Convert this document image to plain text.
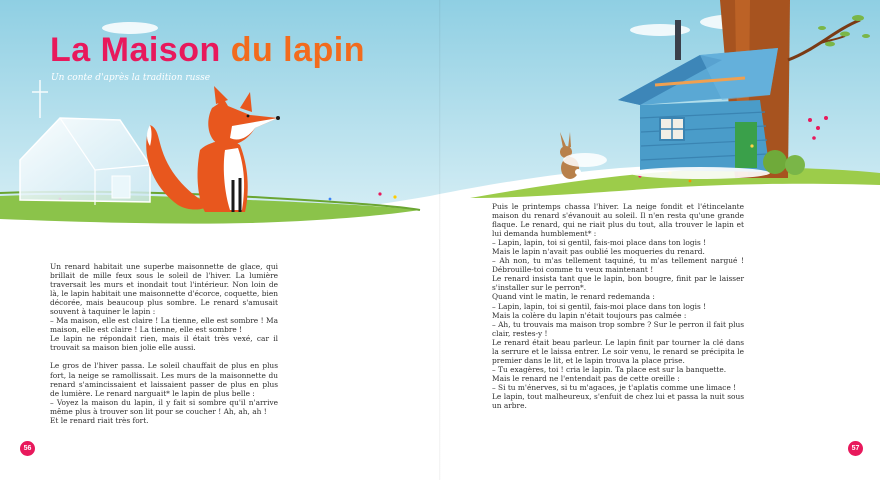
La Maison du lapin

Un conte d'après la tradition russe

Un renard habitait une superbe maisonnette de glace, qui brillait de mille feux sous le soleil de l'hiver. La lumière traversait les murs et inondait tout l'intérieur. Non loin de là, le lapin habitait une maisonnette d'écorce, coquette, bien décorée, mais beaucoup plus sombre. Le renard s'amusait souvent à taquiner le lapin :
– Ma maison, elle est claire ! La tienne, elle est sombre ! Ma maison, elle est claire ! La tienne, elle est sombre !
Le lapin ne répondait rien, mais il était très vexé, car il trouvait sa maison bien jolie elle aussi.

Le gros de l'hiver passa. Le soleil chauffait de plus en plus fort, la neige se ramollissait. Les murs de la maisonnette du renard s'amincissaient et laissaient passer de plus en plus de lumière. Le renard narguait* le lapin de plus belle :
– Voyez la maison du lapin, il y fait si sombre qu'il n'arrive même plus à trouver son lit pour se coucher ! Ah, ah, ah !
Et le renard riait très fort.

Puis le printemps chassa l'hiver. La neige fondit et l'étincelante maison du renard s'évanouit au soleil. Il n'en resta qu'une grande flaque. Le renard, qui ne riait plus du tout, alla trouver le lapin et lui demanda humblement* :
– Lapin, lapin, toi si gentil, fais-moi place dans ton logis !
Mais le lapin n'avait pas oublié les moqueries du renard.
– Ah non, tu m'as tellement taquiné, tu m'as tellement nargué ! Débrouille-toi comme tu veux maintenant !
Le renard insista tant que le lapin, bon bougre, finit par le laisser s'installer sur le perron*.
Quand vint le matin, le renard redemanda :
– Lapin, lapin, toi si gentil, fais-moi place dans ton logis !
Mais la colère du lapin n'était toujours pas calmée :
– Ah, tu trouvais ma maison trop sombre ? Sur le perron il fait plus clair, restes-y !
Le renard était beau parleur. Le lapin finit par tourner la clé dans la serrure et le laissa entrer. Le soir venu, le renard se précipita le premier dans le lit, et le lapin trouva la place prise.
– Tu exagères, toi ! cria le lapin. Ta place est sur la banquette.
Mais le renard ne l'entendait pas de cette oreille :
– Si tu m'énerves, si tu m'agaces, je t'aplatis comme une limace !
Le lapin, tout malheureux, s'enfuit de chez lui et passa la nuit sous un arbre.

56	57
